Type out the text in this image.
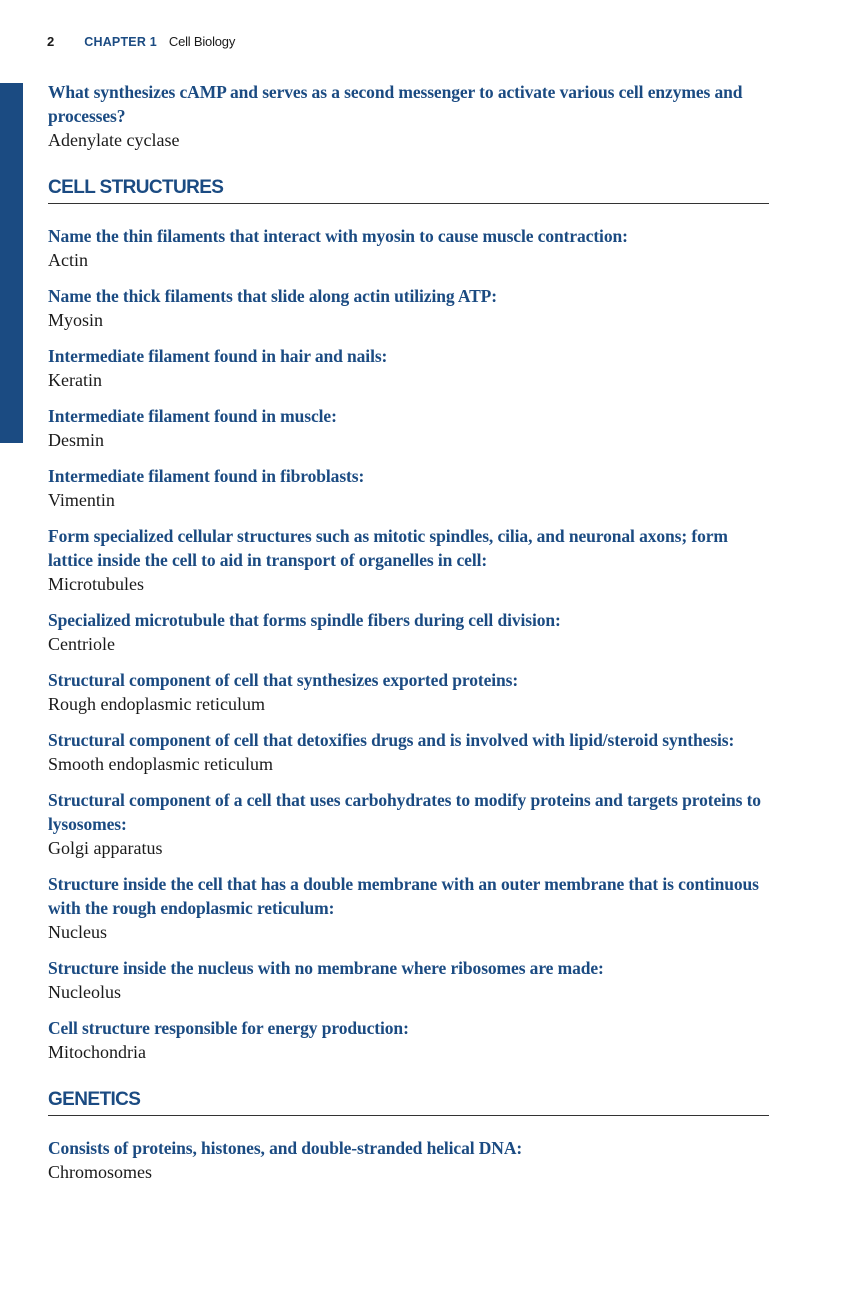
2 CHAPTER 1 Cell Biology
What synthesizes cAMP and serves as a second messenger to activate various cell enzymes and processes?
Adenylate cyclase
CELL STRUCTURES
Name the thin filaments that interact with myosin to cause muscle contraction:
Actin
Name the thick filaments that slide along actin utilizing ATP:
Myosin
Intermediate filament found in hair and nails:
Keratin
Intermediate filament found in muscle:
Desmin
Intermediate filament found in fibroblasts:
Vimentin
Form specialized cellular structures such as mitotic spindles, cilia, and neuronal axons; form lattice inside the cell to aid in transport of organelles in cell:
Microtubules
Specialized microtubule that forms spindle fibers during cell division:
Centriole
Structural component of cell that synthesizes exported proteins:
Rough endoplasmic reticulum
Structural component of cell that detoxifies drugs and is involved with lipid/steroid synthesis:
Smooth endoplasmic reticulum
Structural component of a cell that uses carbohydrates to modify proteins and targets proteins to lysosomes:
Golgi apparatus
Structure inside the cell that has a double membrane with an outer membrane that is continuous with the rough endoplasmic reticulum:
Nucleus
Structure inside the nucleus with no membrane where ribosomes are made:
Nucleolus
Cell structure responsible for energy production:
Mitochondria
GENETICS
Consists of proteins, histones, and double-stranded helical DNA:
Chromosomes
